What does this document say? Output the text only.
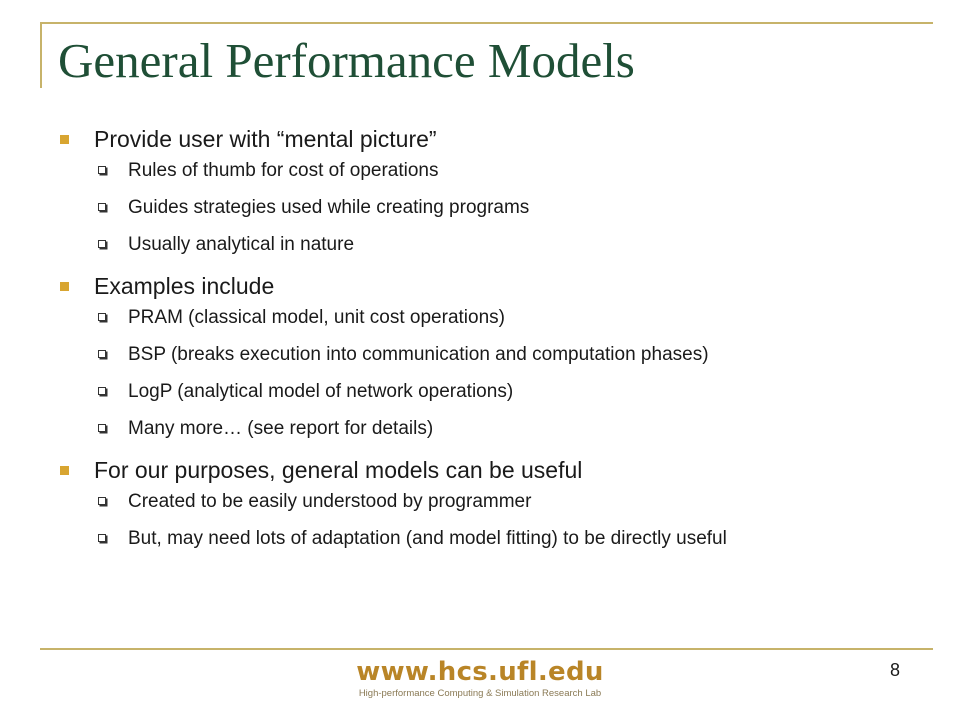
General Performance Models
Provide user with “mental picture”
Rules of thumb for cost of operations
Guides strategies used while creating programs
Usually analytical in nature
Examples include
PRAM (classical model, unit cost operations)
BSP (breaks execution into communication and computation phases)
LogP (analytical model of network operations)
Many more… (see report for details)
For our purposes, general models can be useful
Created to be easily understood by programmer
But, may need lots of adaptation (and model fitting) to be directly useful
www.hcs.ufl.edu
High-performance Computing & Simulation Research Lab
8
